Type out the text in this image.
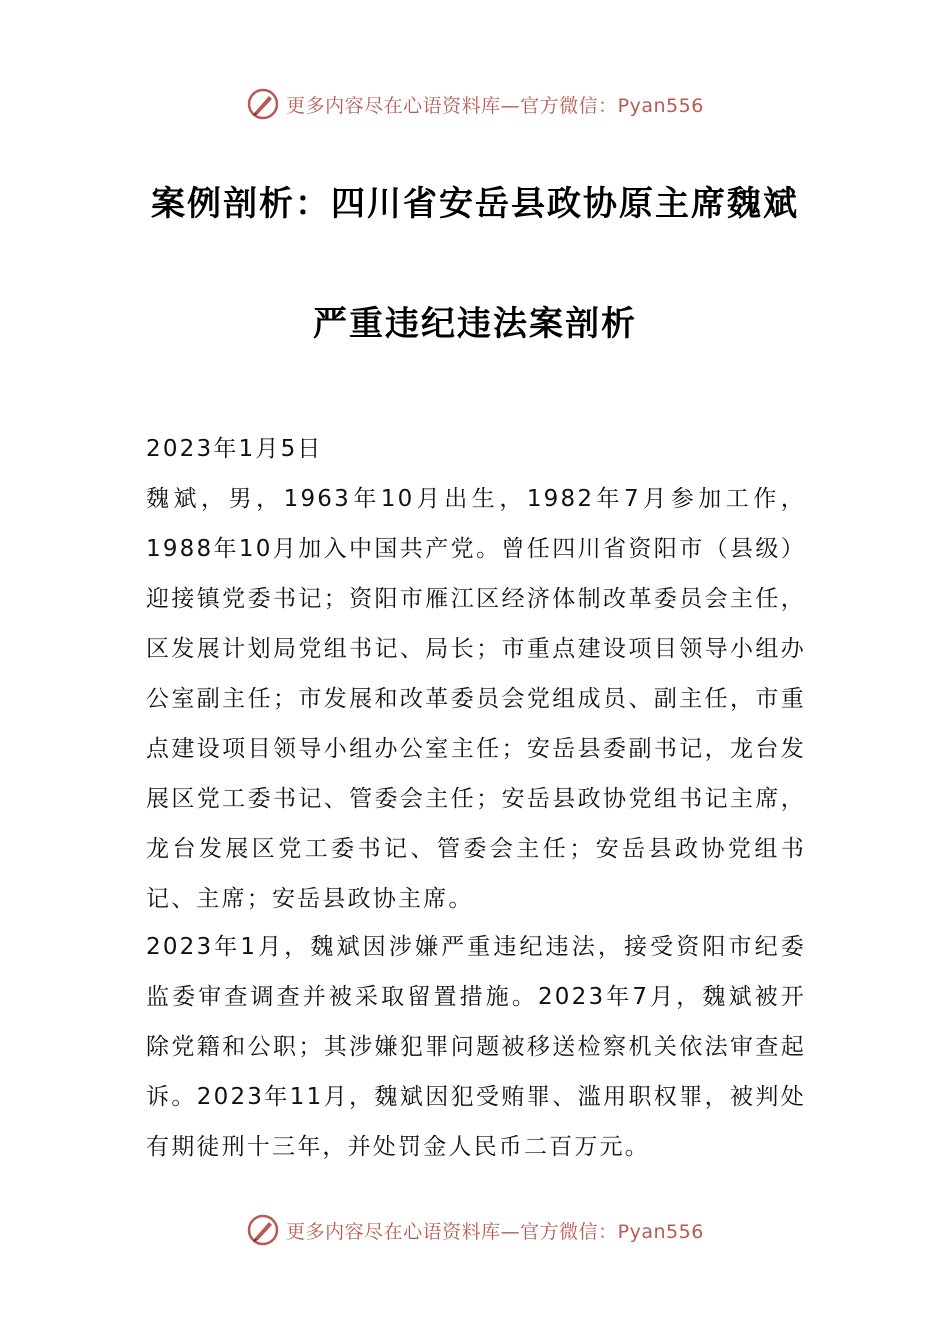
更多内容尽在心语资料库—官方微信：Pyan556
案例剖析：四川省安岳县政协原主席魏斌
严重违纪违法案剖析
2023年1月5日
魏斌，男，1963年10月出生，1982年7月参加工作，1988年10月加入中国共产党。曾任四川省资阳市（县级）迎接镇党委书记；资阳市雁江区经济体制改革委员会主任，区发展计划局党组书记、局长；市重点建设项目领导小组办公室副主任；市发展和改革委员会党组成员、副主任，市重点建设项目领导小组办公室主任；安岳县委副书记，龙台发展区党工委书记、管委会主任；安岳县政协党组书记主席，龙台发展区党工委书记、管委会主任；安岳县政协党组书记、主席；安岳县政协主席。
2023年1月，魏斌因涉嫌严重违纪违法，接受资阳市纪委监委审查调查并被采取留置措施。2023年7月，魏斌被开除党籍和公职；其涉嫌犯罪问题被移送检察机关依法审查起诉。2023年11月，魏斌因犯受贿罪、滥用职权罪，被判处有期徒刑十三年，并处罚金人民币二百万元。
更多内容尽在心语资料库—官方微信：Pyan556
